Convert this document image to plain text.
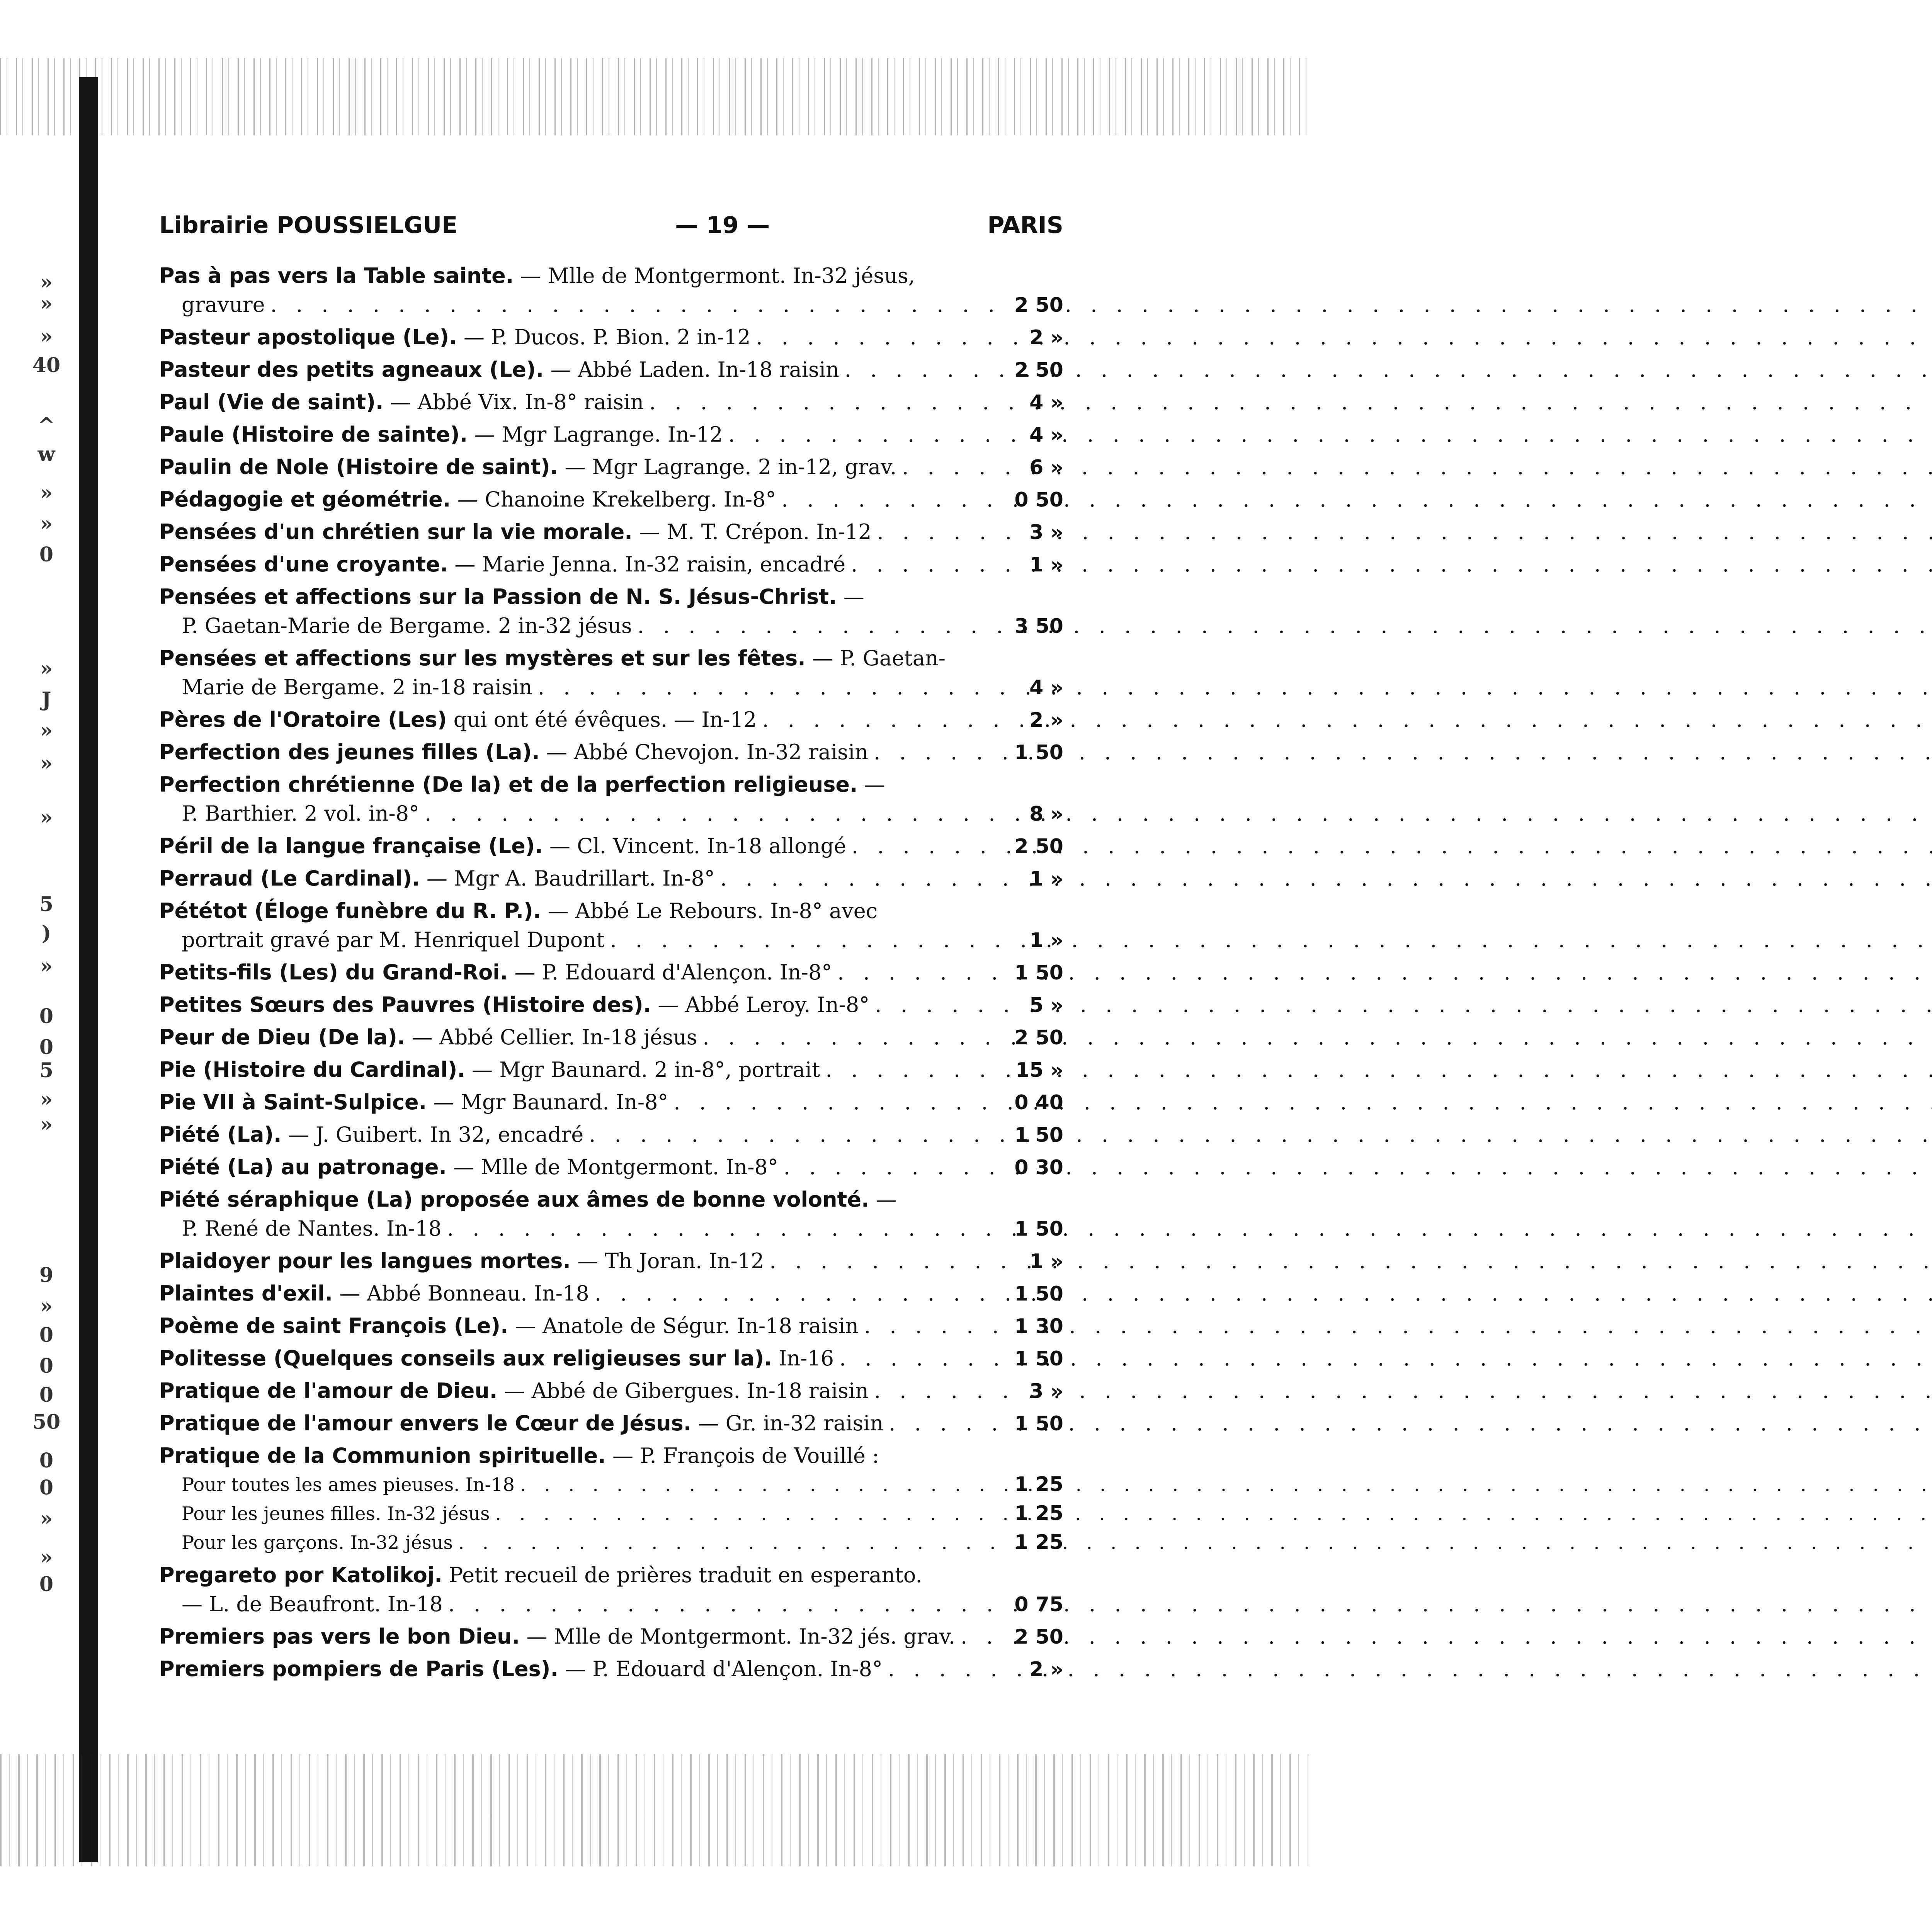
»
»
»
40
^
w
»
»
0
»
J
»
»
»
5
)
»
0
0
5
»
»
9
»
0
0
0
50
0
0
»
»
0
Librairie POUSSIELGUE	— 19 —	PARIS
Pas à pas vers la Table sainte. — Mlle de Montgermont. In-32 jésus,
gravure . . .	2 50
Pasteur apostolique (Le). — P. Ducos. P. Bion. 2 in-12 . . .	2 »
Pasteur des petits agneaux (Le). — Abbé Laden. In-18 raisin . . .	2 50
Paul (Vie de saint). — Abbé Vix. In-8° raisin . . .	4 »
Paule (Histoire de sainte). — Mgr Lagrange. In-12 . . .	4 »
Paulin de Nole (Histoire de saint). — Mgr Lagrange. 2 in-12, grav. . . .	6 »
Pédagogie et géométrie. — Chanoine Krekelberg. In-8° . . .	0 50
Pensées d'un chrétien sur la vie morale. — M. T. Crépon. In-12 . . .	3 »
Pensées d'une croyante. — Marie Jenna. In-32 raisin, encadré . . .	1 »
Pensées et affections sur la Passion de N. S. Jésus-Christ. —
P. Gaetan-Marie de Bergame. 2 in-32 jésus . . .	3 50
Pensées et affections sur les mystères et sur les fêtes. — P. Gaetan-
Marie de Bergame. 2 in-18 raisin . . .	4 »
Pères de l'Oratoire (Les) qui ont été évêques. — In-12 . . .	2 »
Perfection des jeunes filles (La). — Abbé Chevojon. In-32 raisin . . .	1 50
Perfection chrétienne (De la) et de la perfection religieuse. —
P. Barthier. 2 vol. in-8° . . .	8 »
Péril de la langue française (Le). — Cl. Vincent. In-18 allongé . . .	2 50
Perraud (Le Cardinal). — Mgr A. Baudrillart. In-8° . . .	1 »
Pététot (Éloge funèbre du R. P.). — Abbé Le Rebours. In-8° avec
portrait gravé par M. Henriquel Dupont . . .	1 »
Petits-fils (Les) du Grand-Roi. — P. Edouard d'Alençon. In-8° . . .	1 50
Petites Sœurs des Pauvres (Histoire des). — Abbé Leroy. In-8° . . .	5 »
Peur de Dieu (De la). — Abbé Cellier. In-18 jésus . . .	2 50
Pie (Histoire du Cardinal). — Mgr Baunard. 2 in-8°, portrait . . .	15 »
Pie VII à Saint-Sulpice. — Mgr Baunard. In-8° . . .	0 40
Piété (La). — J. Guibert. In 32, encadré . . .	1 50
Piété (La) au patronage. — Mlle de Montgermont. In-8° . . .	0 30
Piété séraphique (La) proposée aux âmes de bonne volonté. —
P. René de Nantes. In-18 . . .	1 50
Plaidoyer pour les langues mortes. — Th Joran. In-12 . . .	1 »
Plaintes d'exil. — Abbé Bonneau. In-18 . . .	1 50
Poème de saint François (Le). — Anatole de Ségur. In-18 raisin . . .	1 30
Politesse (Quelques conseils aux religieuses sur la). In-16 . . .	1 50
Pratique de l'amour de Dieu. — Abbé de Gibergues. In-18 raisin . . .	3 »
Pratique de l'amour envers le Cœur de Jésus. — Gr. in-32 raisin . . .	1 50
Pratique de la Communion spirituelle. — P. François de Vouillé :
Pour toutes les ames pieuses. In-18 . . .	1 25
Pour les jeunes filles. In-32 jésus . . .	1 25
Pour les garçons. In-32 jésus . . .	1 25
Pregareto por Katolikoj. Petit recueil de prières traduit en esperanto.
— L. de Beaufront. In-18 . . .	0 75
Premiers pas vers le bon Dieu. — Mlle de Montgermont. In-32 jés. grav. . . .	2 50
Premiers pompiers de Paris (Les). — P. Edouard d'Alençon. In-8° . . .	2 »
